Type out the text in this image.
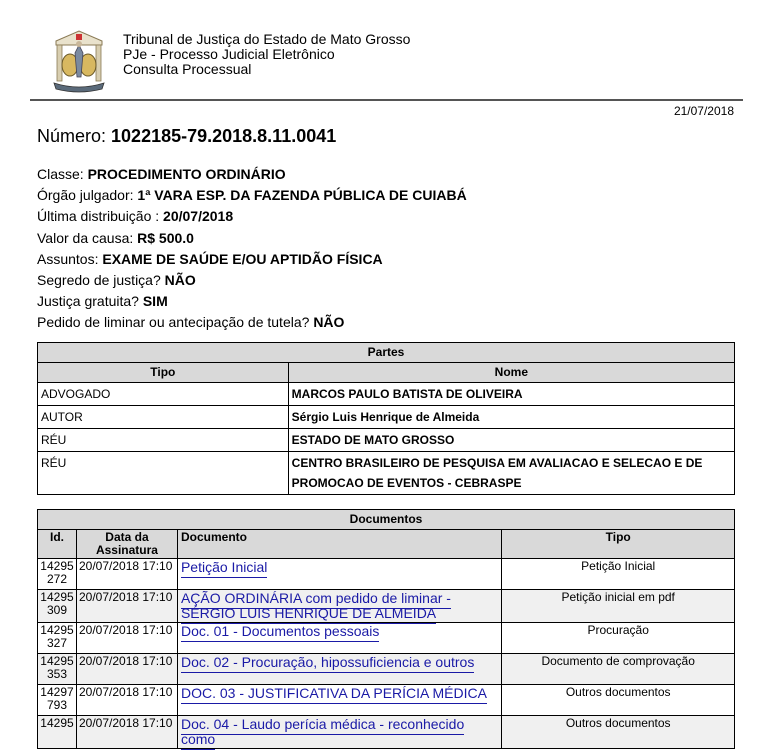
Tribunal de Justiça do Estado de Mato Grosso
PJe - Processo Judicial Eletrônico
Consulta Processual
21/07/2018
Número: 1022185-79.2018.8.11.0041
Classe: PROCEDIMENTO ORDINÁRIO
Órgão julgador: 1ª VARA ESP. DA FAZENDA PÚBLICA DE CUIABÁ
Última distribuição : 20/07/2018
Valor da causa: R$ 500.0
Assuntos: EXAME DE SAÚDE E/OU APTIDÃO FÍSICA
Segredo de justiça? NÃO
Justiça gratuita? SIM
Pedido de liminar ou antecipação de tutela? NÃO
Partes	
Tipo	Nome
ADVOGADO	MARCOS PAULO BATISTA DE OLIVEIRA
AUTOR	Sérgio Luis Henrique de Almeida
RÉU	ESTADO DE MATO GROSSO
RÉU	CENTRO BRASILEIRO DE PESQUISA EM AVALIACAO E SELECAO E DE PROMOCAO DE EVENTOS - CEBRASPE
Documentos			
Id.	Data da Assinatura	Documento	Tipo
14295 272	20/07/2018 17:10	Petição Inicial	Petição Inicial
14295 309	20/07/2018 17:10	AÇÃO ORDINÁRIA com pedido de liminar - SÉRGIO LUIS HENRIQUE DE ALMEIDA	Petição inicial em pdf
14295 327	20/07/2018 17:10	Doc. 01 - Documentos pessoais	Procuração
14295 353	20/07/2018 17:10	Doc. 02 - Procuração, hipossuficiencia e outros	Documento de comprovação
14297 793	20/07/2018 17:10	DOC. 03 - JUSTIFICATIVA DA PERÍCIA MÉDICA	Outros documentos
14295	20/07/2018 17:10	Doc. 04 - Laudo perícia médica - reconhecido como	Outros documentos
